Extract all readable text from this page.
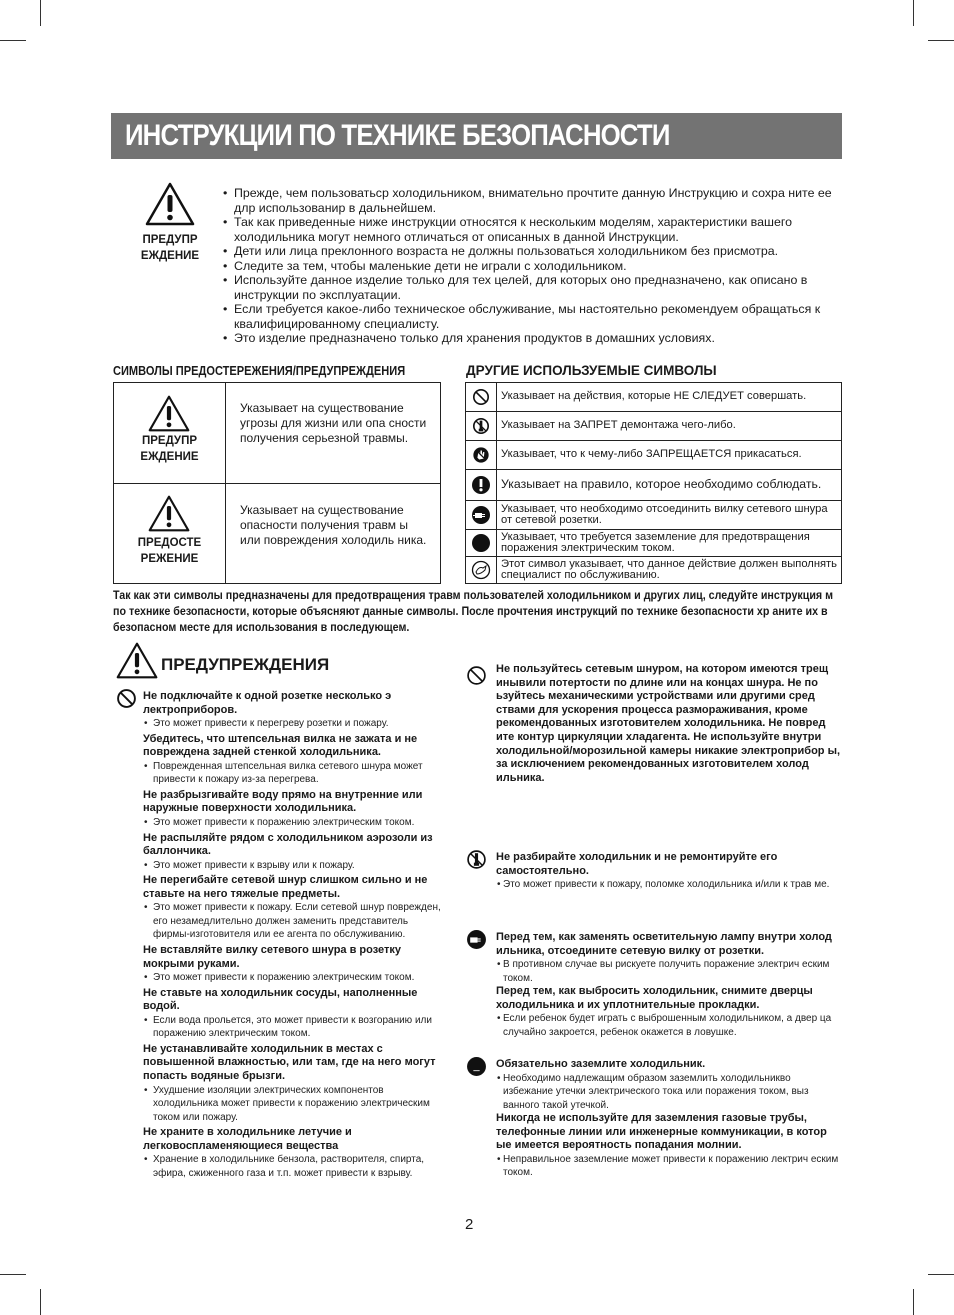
ИНСТРУКЦИИ ПО ТЕХНИКЕ БЕЗОПАСНОСТИ
ПРЕДУПР
ЕЖДЕНИЕ
• Прежде, чем пользоватьср холодильником, внимательно прочтите данную Инструкцию и сохра ните ее длр использованир в дальнейшем.
• Так как приведенные ниже инструкции относятся к нескольким моделям, характеристики вашего холодильника могут немного отличаться от описанных в данной Инструкции.
• Дети или лица преклонного возраста не должны пользоваться холодильником без присмотра.
• Следите за тем, чтобы маленькие дети не играли с холодильником.
• Используйте данное изделие только для тех целей, для которых оно предназначено, как описано в инструкции по эксплуатации.
• Если требуется какое-либо техническое обслуживание, мы настоятельно рекомендуем обращаться к квалифицированному специалисту.
• Это изделие предназначено только для хранения продуктов в домашних условиях.
СИМВОЛЫ ПРЕДОСТЕРЕЖЕНИЯ/ПРЕДУПРЕЖДЕНИЯ	ДРУГИЕ ИСПОЛЬЗУЕМЫЕ СИМВОЛЫ
ПРЕДУПР
ЕЖДЕНИЕ
Указывает на существование угрозы для жизни или опа сности получения серьезной травмы.
ПРЕДОСТЕ
РЕЖЕНИЕ
Указывает на существование опасности получения травм ы или повреждения холодиль ника.
Указывает на действия, которые НЕ СЛЕДУЕТ совершать.
Указывает на ЗАПРЕТ демонтажа чего-либо.
Указывает, что к чему-либо ЗАПРЕЩАЕТСЯ прикасаться.
Указывает на правило, которое необходимо соблюдать.
Указывает, что необходимо отсоединить вилку сетевого шнура от сетевой розетки.
Указывает, что требуется заземление для предотвращения поражения электрическим током.
Этот символ указывает, что данное действие должен выполнять специалист по обслуживанию.
Так как эти символы предназначены для предотвращения травм пользователей холодильником и других лиц, следуйте инструкция м по технике безопасности, которые объясняют данные символы. После прочтения инструкций по технике безопасности хр аните их в безопасном месте для использования в последующем.
ПРЕДУПРЕЖДЕНИЯ
Не подключайте к одной розетке несколько э лектроприборов.
• Это может привести к перегреву розетки и пожару.
Убедитесь, что штепсельная вилка не зажата и не повреждена задней стенкой холодильника.
• Поврежденная штепсельная вилка сетевого шнура может привести к пожару из-за перегрева.
Не разбрызгивайте воду прямо на внутренние или наружные поверхности холодильника.
• Это может привести к поражению электрическим током.
Не распыляйте рядом с холодильником аэрозоли из баллончика.
• Это может привести к взрыву или к пожару.
Не перегибайте сетевой шнур слишком сильно и не ставьте на него тяжелые предметы.
• Это может привести к пожару. Если сетевой шнур поврежден, его незамедлительно должен заменить представитель фирмы-изготовителя или ее агента по обслуживанию.
Не вставляйте вилку сетевого шнура в розетку мокрыми руками.
• Это может привести к поражению электрическим током.
Не ставьте на холодильник сосуды, наполненные водой.
• Если вода прольется, это может привести к возгоранию или поражению электрическим током.
Не устанавливайте холодильник в местах с повышенной влажностью, или там, где на него могут попасть водяные брызги.
• Ухудшение изоляции электрических компонентов холодильника может привести к поражению электрическим током или пожару.
Не храните в холодильнике летучие и легковоспламеняющиеся вещества
• Хранение в холодильнике бензола, растворителя, спирта, эфира, сжиженного газа и т.п. может привести к взрыву.
Не пользуйтесь сетевым шнуром, на котором имеются трещ инывили потертости по длине или на концах шнура. Не по ьзуйтесь механическими устройствами или другими сред ствами для ускорения процесса размораживания, кроме рекомендованных изготовителем холодильника. Не повред ите контур циркуляции хладагента. Не используйте внутри холодильной/морозильной камеры никакие электроприбор ы, за исключением рекомендованных изготовителем холод ильника.
Не разбирайте холодильник и не ремонтируйте его самостоятельно.
• Это может привести к пожару, поломке холодильника и/или к трав ме.
Перед тем, как заменять осветительную лампу внутри холод ильника, отсоедините сетевую вилку от розетки.
• В противном случае вы рискуете получить поражение электрич еским током.
Перед тем, как выбросить холодильник, снимите дверцы холодильника и их уплотнительные прокладки.
• Если ребенок будет играть с выброшенным холодильником, а двер ца случайно закроется, ребенок окажется в ловушке.
Обязательно заземлите холодильник.
• Необходимо надлежащим образом заземлить холодильникво избежание утечки электрического тока или поражения током, выз ванного такой утечкой.
Никогда не используйте для заземления газовые трубы, телефонные линии или инженерные коммуникации, в котор ые имеется вероятность попадания молнии.
• Неправильное заземление может привести к поражению лектрич еским током.
2
